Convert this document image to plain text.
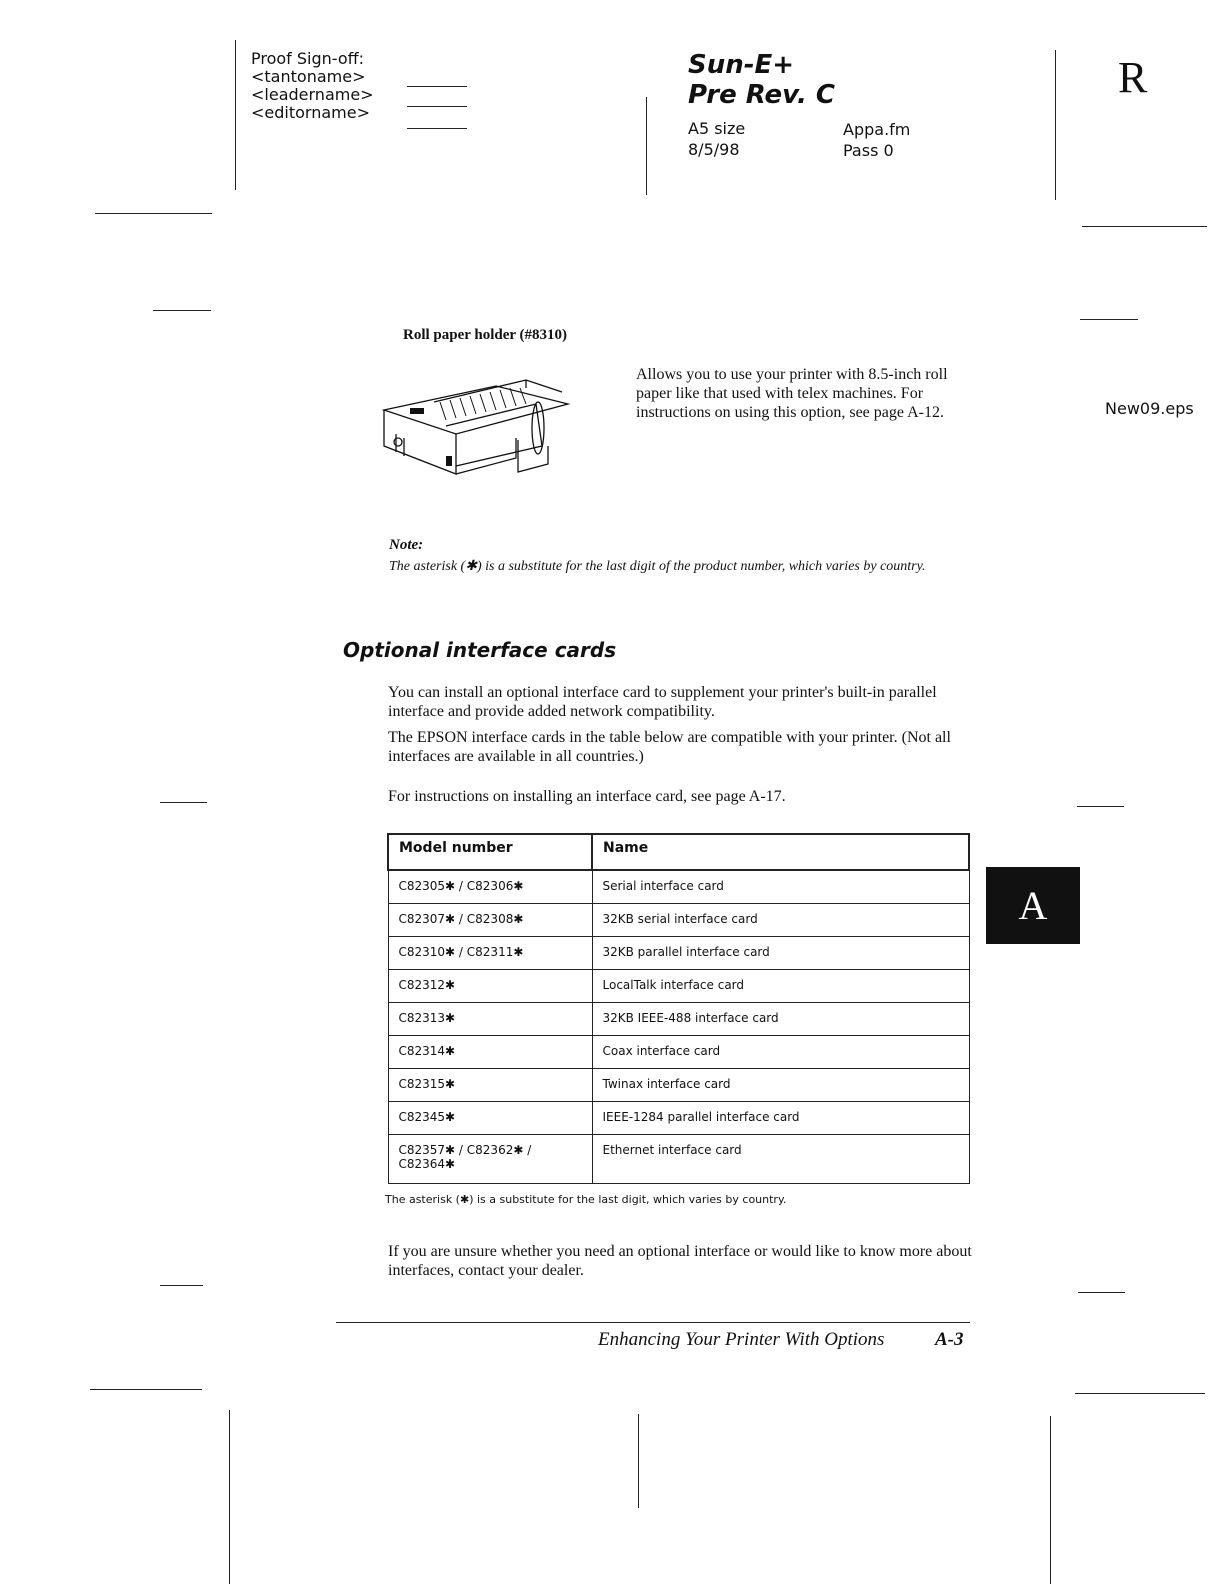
Proof Sign-off:
<tantoname>
<leadername>
<editorname>
Sun-E+
Pre Rev. C
A5 size
8/5/98
Appa.fm
Pass 0
R
New09.eps
Roll paper holder (#8310)
Allows you to use your printer with 8.5-inch roll paper like that used with telex machines. For instructions on using this option, see page A-12.
Note:
The asterisk (✱) is a substitute for the last digit of the product number, which varies by country.
Optional interface cards
You can install an optional interface card to supplement your printer's built-in parallel interface and provide added network compatibility.
The EPSON interface cards in the table below are compatible with your printer. (Not all interfaces are available in all countries.)
For instructions on installing an interface card, see page A-17.
Model number	Name
C82305✱ / C82306✱	Serial interface card
C82307✱ / C82308✱	32KB serial interface card
C82310✱ / C82311✱	32KB parallel interface card
C82312✱	LocalTalk interface card
C82313✱	32KB IEEE-488 interface card
C82314✱	Coax interface card
C82315✱	Twinax interface card
C82345✱	IEEE-1284 parallel interface card
C82357✱ / C82362✱ / C82364✱	Ethernet interface card
The asterisk (✱) is a substitute for the last digit, which varies by country.
If you are unsure whether you need an optional interface or would like to know more about interfaces, contact your dealer.
Enhancing Your Printer With Options	A-3
A
